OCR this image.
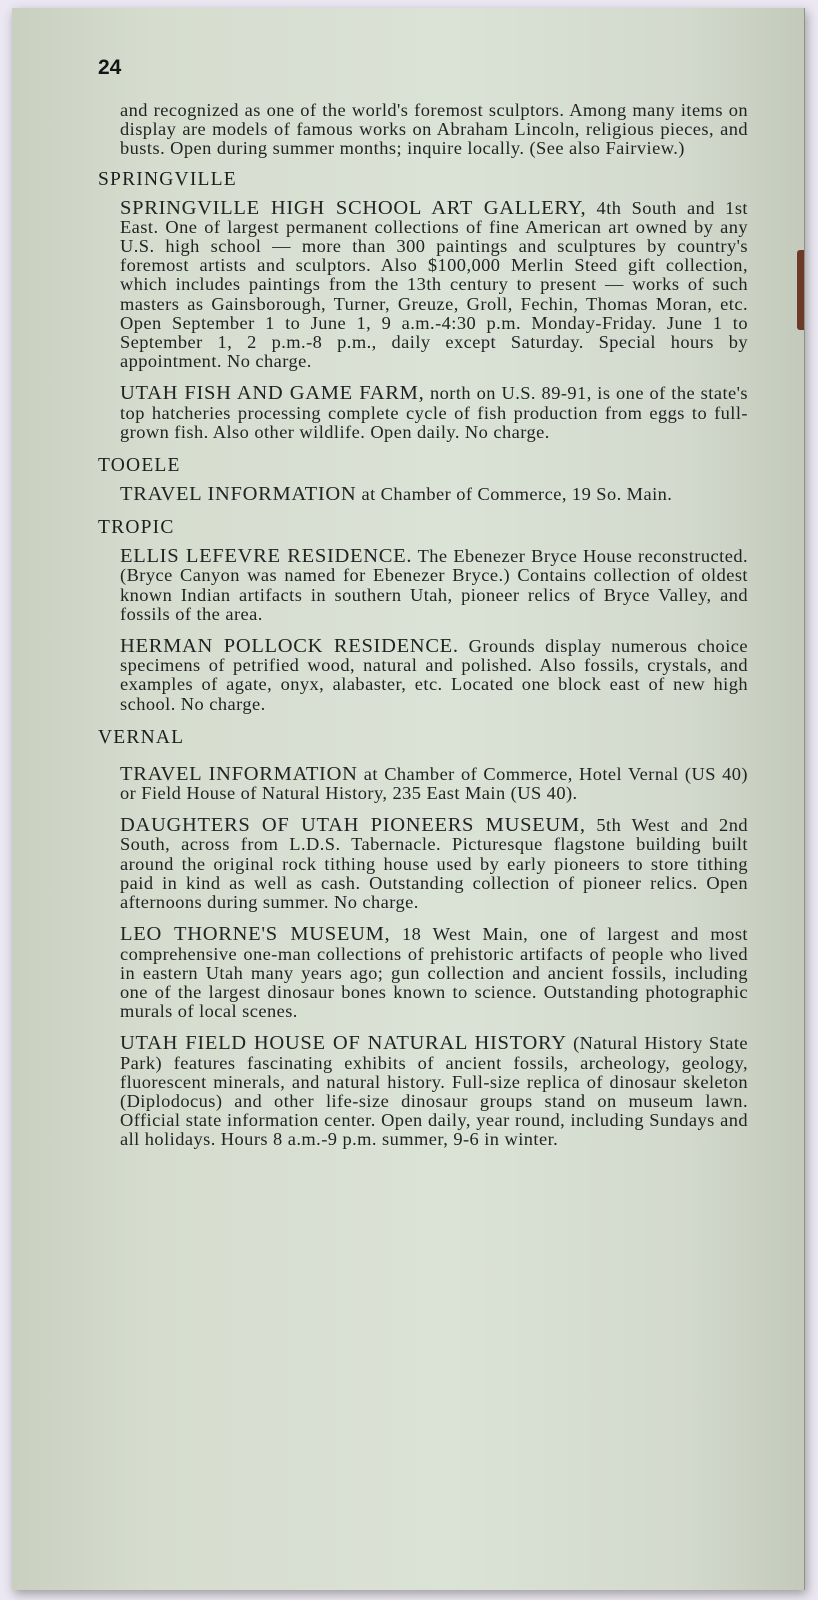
24

and recognized as one of the world's foremost sculptors. Among many items on display are models of famous works on Abraham Lincoln, religious pieces, and busts. Open during summer months; inquire locally. (See also Fairview.)

SPRINGVILLE

SPRINGVILLE HIGH SCHOOL ART GALLERY, 4th South and 1st East. One of largest permanent collections of fine American art owned by any U.S. high school — more than 300 paintings and sculptures by country's foremost artists and sculptors. Also $100,000 Merlin Steed gift collection, which includes paintings from the 13th century to present — works of such masters as Gainsborough, Turner, Greuze, Groll, Fechin, Thomas Moran, etc. Open September 1 to June 1, 9 a.m.-4:30 p.m. Monday-Friday. June 1 to September 1, 2 p.m.-8 p.m., daily except Saturday. Special hours by appointment. No charge.

UTAH FISH AND GAME FARM, north on U.S. 89-91, is one of the state's top hatcheries processing complete cycle of fish production from eggs to full-grown fish. Also other wildlife. Open daily. No charge.

TOOELE

TRAVEL INFORMATION at Chamber of Commerce, 19 So. Main.

TROPIC

ELLIS LEFEVRE RESIDENCE. The Ebenezer Bryce House reconstructed. (Bryce Canyon was named for Ebenezer Bryce.) Contains collection of oldest known Indian artifacts in southern Utah, pioneer relics of Bryce Valley, and fossils of the area.

HERMAN POLLOCK RESIDENCE. Grounds display numerous choice specimens of petrified wood, natural and polished. Also fossils, crystals, and examples of agate, onyx, alabaster, etc. Located one block east of new high school. No charge.

VERNAL

TRAVEL INFORMATION at Chamber of Commerce, Hotel Vernal (US 40) or Field House of Natural History, 235 East Main (US 40).

DAUGHTERS OF UTAH PIONEERS MUSEUM, 5th West and 2nd South, across from L.D.S. Tabernacle. Picturesque flagstone building built around the original rock tithing house used by early pioneers to store tithing paid in kind as well as cash. Outstanding collection of pioneer relics. Open afternoons during summer. No charge.

LEO THORNE'S MUSEUM, 18 West Main, one of largest and most comprehensive one-man collections of prehistoric artifacts of people who lived in eastern Utah many years ago; gun collection and ancient fossils, including one of the largest dinosaur bones known to science. Outstanding photographic murals of local scenes.

UTAH FIELD HOUSE OF NATURAL HISTORY (Natural History State Park) features fascinating exhibits of ancient fossils, archeology, geology, fluorescent minerals, and natural history. Full-size replica of dinosaur skeleton (Diplodocus) and other life-size dinosaur groups stand on museum lawn. Official state information center. Open daily, year round, including Sundays and all holidays. Hours 8 a.m.-9 p.m. summer, 9-6 in winter.
